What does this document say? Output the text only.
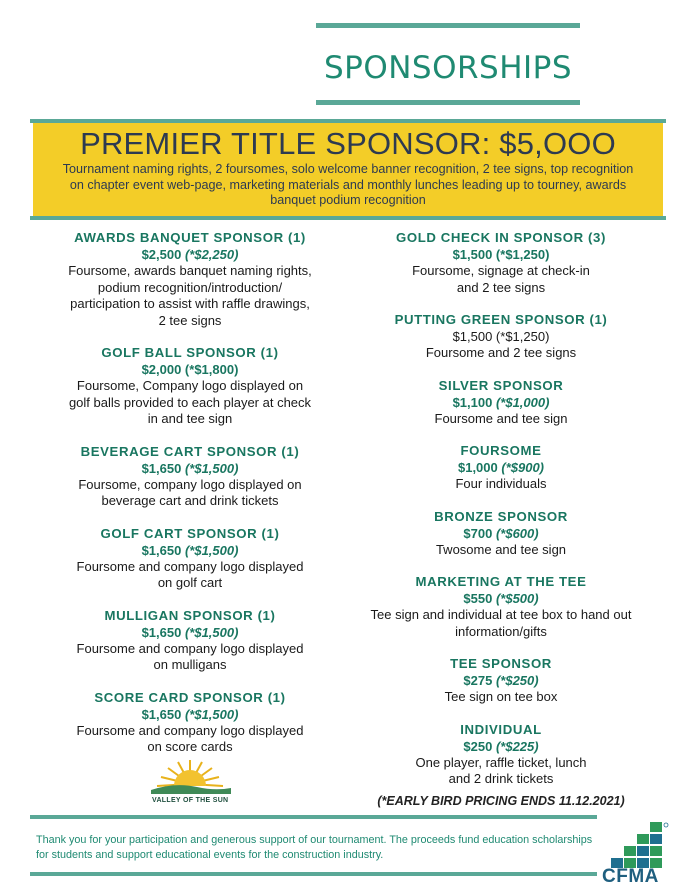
SPONSORSHIPS
PREMIER TITLE SPONSOR: $5,OOO
Tournament naming rights, 2 foursomes, solo welcome banner recognition, 2 tee signs, top recognition on chapter event web-page, marketing materials and monthly lunches leading up to tourney, awards banquet podium recognition
AWARDS BANQUET SPONSOR (1)
$2,500 (*$2,250)
Foursome, awards banquet naming rights,
podium recognition/introduction/
participation to assist with raffle drawings,
2 tee signs
GOLF BALL SPONSOR (1)
$2,000 (*$1,800)
Foursome, Company logo displayed on
golf balls provided to each player at check
in and tee sign
BEVERAGE CART SPONSOR (1)
$1,650 (*$1,500)
Foursome, company logo displayed on
beverage cart and drink tickets
GOLF CART SPONSOR (1)
$1,650 (*$1,500)
Foursome and company logo displayed
on golf cart
MULLIGAN SPONSOR (1)
$1,650 (*$1,500)
Foursome and company logo displayed
on mulligans
SCORE CARD SPONSOR (1)
$1,650 (*$1,500)
Foursome and company logo displayed
on score cards
GOLD CHECK IN SPONSOR (3)
$1,500 (*$1,250)
Foursome, signage at check-in
and 2 tee signs
PUTTING GREEN SPONSOR (1)
$1,500 (*$1,250)
Foursome and 2 tee signs
SILVER SPONSOR
$1,100 (*$1,000)
Foursome and tee sign
FOURSOME
$1,000 (*$900)
Four individuals
BRONZE SPONSOR
$700 (*$600)
Twosome and tee sign
MARKETING AT THE TEE
$550 (*$500)
Tee sign and individual at tee box to hand out
information/gifts
TEE SPONSOR
$275 (*$250)
Tee sign on tee box
INDIVIDUAL
$250 (*$225)
One player, raffle ticket, lunch
and 2 drink tickets
VALLEY OF THE SUN	(*EARLY BIRD PRICING ENDS 11.12.2021)
Thank you for your participation and generous support of our tournament. The proceeds fund education scholarships for students and support educational events for the construction industry.
CFMA
